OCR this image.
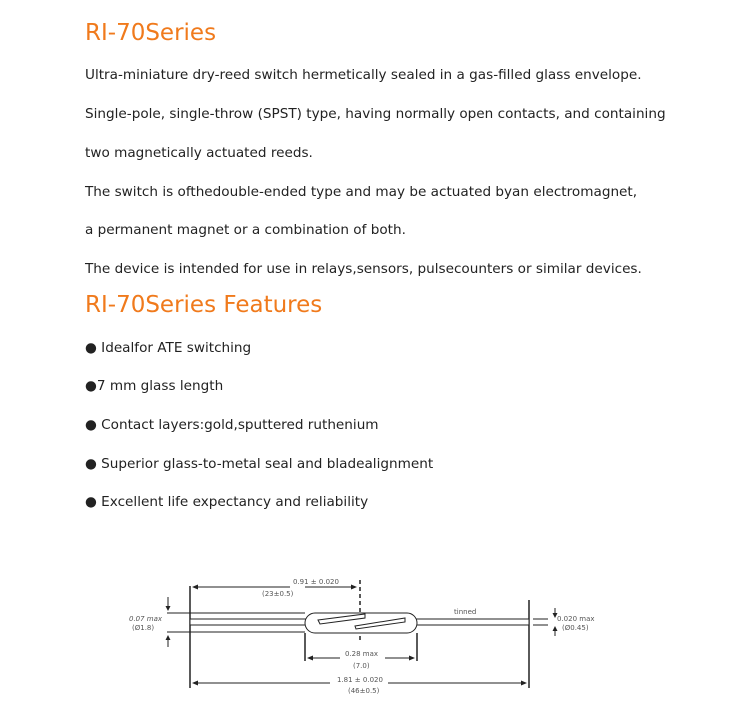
RI-70Series

Ultra-miniature dry-reed switch hermetically sealed in a gas-filled glass envelope.

Single-pole, single-throw (SPST) type, having normally open contacts, and containing

two magnetically actuated reeds.

The switch is ofthedouble-ended type and may be actuated byan electromagnet,

a permanent magnet or a combination of both.

The device is intended for use in relays,sensors, pulsecounters or similar devices.

RI-70Series Features

● Idealfor ATE switching

●7 mm glass length

● Contact layers:gold,sputtered ruthenium

● Superior glass-to-metal seal and bladealignment

● Excellent life expectancy and reliability

0.91 ± 0.020
(23±0.5)
0.28 max
(7.0)
1.81 ± 0.020
(46±0.5)
0.07 max
(Ø1.8)
0.020 max
(Ø0.45)
tinned
